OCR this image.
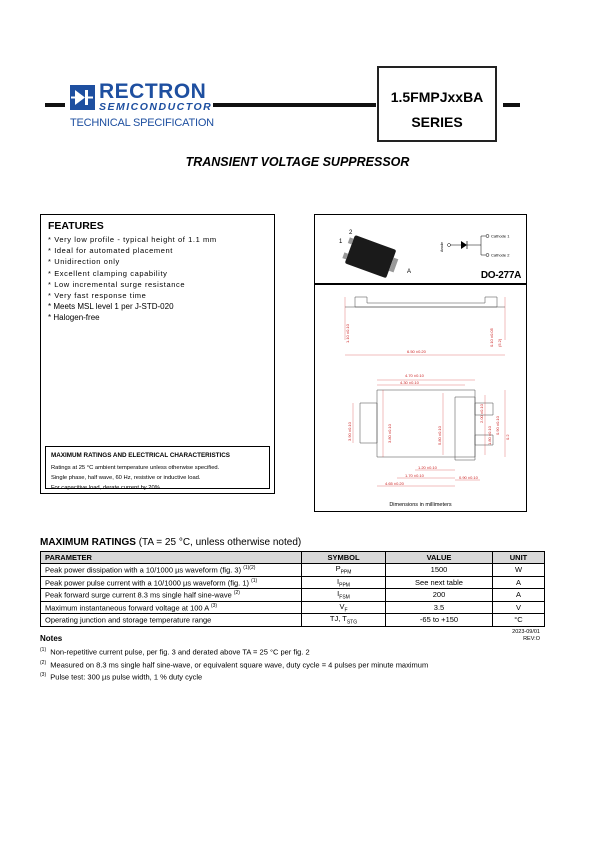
RECTRON
SEMICONDUCTOR
TECHNICAL SPECIFICATION
1.5FMPJxxBA
SERIES
TRANSIENT VOLTAGE SUPPRESSOR
FEATURES
* Very low profile - typical height of 1.1 mm
* Ideal for automated placement
* Unidirection only
* Excellent clamping capability
* Low incremental surge resistance
* Very fast response time
* Meets MSL level 1 per J-STD-020
* Halogen-free
MAXIMUM RATINGS AND ELECTRICAL CHARACTERISTICS
Ratings at 25 °C ambient temperature unless otherwise specified.
Single phase, half wave, 60 Hz, resistive or inductive load.
For capacitive load, derate current by 20%.
1
2
A
Anode
Cathode 1
Cathode 2
DO-277A
1.10 ±0.10	0.10 ±0.05 (5.2)
6.50 ±0.20
4.70 ±0.10
4.30 ±0.10
3.90 ±0.10	3.80 ±0.10	5.80 ±0.10
2.00 ±0.10
1.80 ±0.10
0.90 ±0.10
0.2
1.20 ±0.10
1.70 ±0.10
4.65 ±0.20
0.90 ±0.10
Dimensions in millimeters
MAXIMUM RATINGS (TA = 25 °C, unless otherwise noted)
PARAMETER	SYMBOL	VALUE	UNIT
Peak power dissipation with a 10/1000 µs waveform (fig. 3) $^{(1)(2)}$	$P_{PPM}$	1500	W
Peak power pulse current with a 10/1000 µs waveform (fig. 1) $^{(1)}$	$I_{PPM}$	See next table	A
Peak forward surge current 8.3 ms single half sine-wave $^{(2)}$	$I_{FSM}$	200	A
Maximum instantaneous forward voltage at 100 A $^{(3)}$	$V_F$	3.5	V
Operating junction and storage temperature range	TJ, $T_{STG}$	-65 to +150	°C
2023-09/01
REV:O
Notes
$^{(1)}$ Non-repetitive current pulse, per fig. 3 and derated above TA = 25 °C per fig. 2
$^{(2)}$ Measured on 8.3 ms single half sine-wave, or equivalent square wave, duty cycle = 4 pulses per minute maximum
$^{(3)}$ Pulse test: 300 µs pulse width, 1 % duty cycle
